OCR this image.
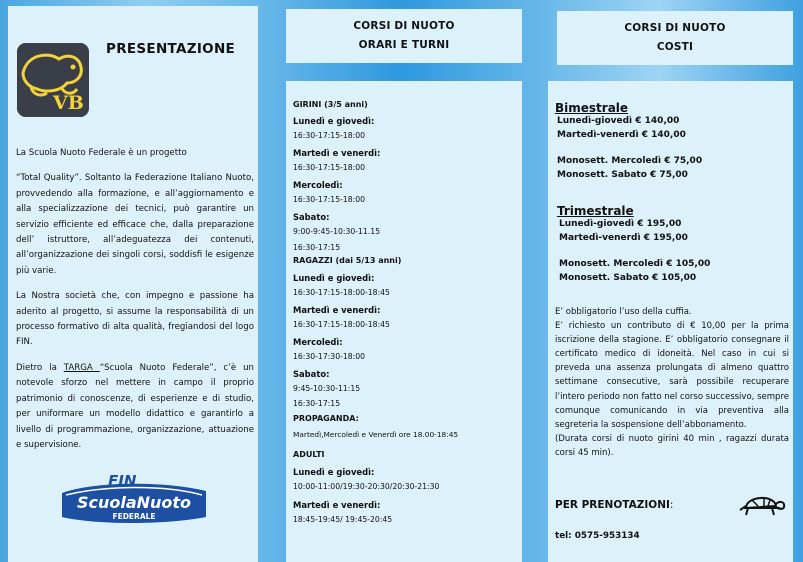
VB
PRESENTAZIONE

La Scuola Nuoto Federale è un progetto

“Total Quality”. Soltanto la Federazione Italiano Nuoto, provvedendo alla formazione, e all’aggiornamento e alla specializzazione dei tecnici, può garantire un servizio efficiente ed efficace che, dalla preparazione dell’ istruttore, all’adeguatezza dei contenuti, all’organizzazione dei singoli corsi, soddisfi le esigenze più varie.

La Nostra società che, con impegno e passione ha aderito al progetto, si assume la responsabilità di un processo formativo di alta qualità, fregiandosi del logo FIN.

Dietro la TARGA “Scuola Nuoto Federale”, c’è un notevole sforzo nel mettere in campo il proprio patrimonio di conoscenze, di esperienze e di studio, per uniformare un modello didattico e garantirlo a livello di programmazione, organizzazione, attuazione e supervisione.

FIN
ScuolaNuoto
FEDERALE
CORSI DI NUOTO
ORARI E TURNI
GIRINI (3/5 anni)
Lunedì e giovedì:
16:30-17:15-18:00
Martedì e venerdì:
16:30-17:15-18:00
Mercoledì:
16:30-17:15-18:00
Sabato:
9:00-9:45-10:30-11.15
16:30-17:15
RAGAZZI (dai 5/13 anni)
Lunedì e giovedì:
16:30-17:15-18:00-18:45
Martedì e venerdì:
16:30-17:15-18:00-18:45
Mercoledì:
16:30-17:30-18:00
Sabato:
9:45-10:30-11:15
16:30-17:15
PROPAGANDA:
Martedì,Mercoledì e Venerdì ore 18.00-18:45
ADULTI
Lunedì e giovedì:
10:00-11:00/19:30-20:30/20:30-21:30
Martedì e venerdì:
18:45-19:45/ 19:45-20:45
CORSI DI NUOTO
COSTI
Bimestrale
Lunedì-giovedì € 140,00
Martedì-venerdì € 140,00
Monosett. Mercoledì € 75,00
Monosett. Sabato € 75,00
Trimestrale
Lunedì-giovedì € 195,00
Martedì-venerdì € 195,00
Monosett. Mercoledì € 105,00
Monosett. Sabato € 105,00
E’ obbligatorio l’uso della cuffia.
E’ richiesto un contributo di € 10,00 per la prima iscrizione della stagione. E’ obbligatorio consegnare il certificato medico di idoneità. Nel caso in cui si preveda una assenza prolungata di almeno quattro settimane consecutive, sarà possibile recuperare l’intero periodo non fatto nel corso successivo, sempre comunque comunicando in via preventiva alla segreteria la sospensione dell’abbonamento.
(Durata corsi di nuoto girini 40 min , ragazzi durata corsi 45 min).
PER PRENOTAZIONI:
tel: 0575-953134
